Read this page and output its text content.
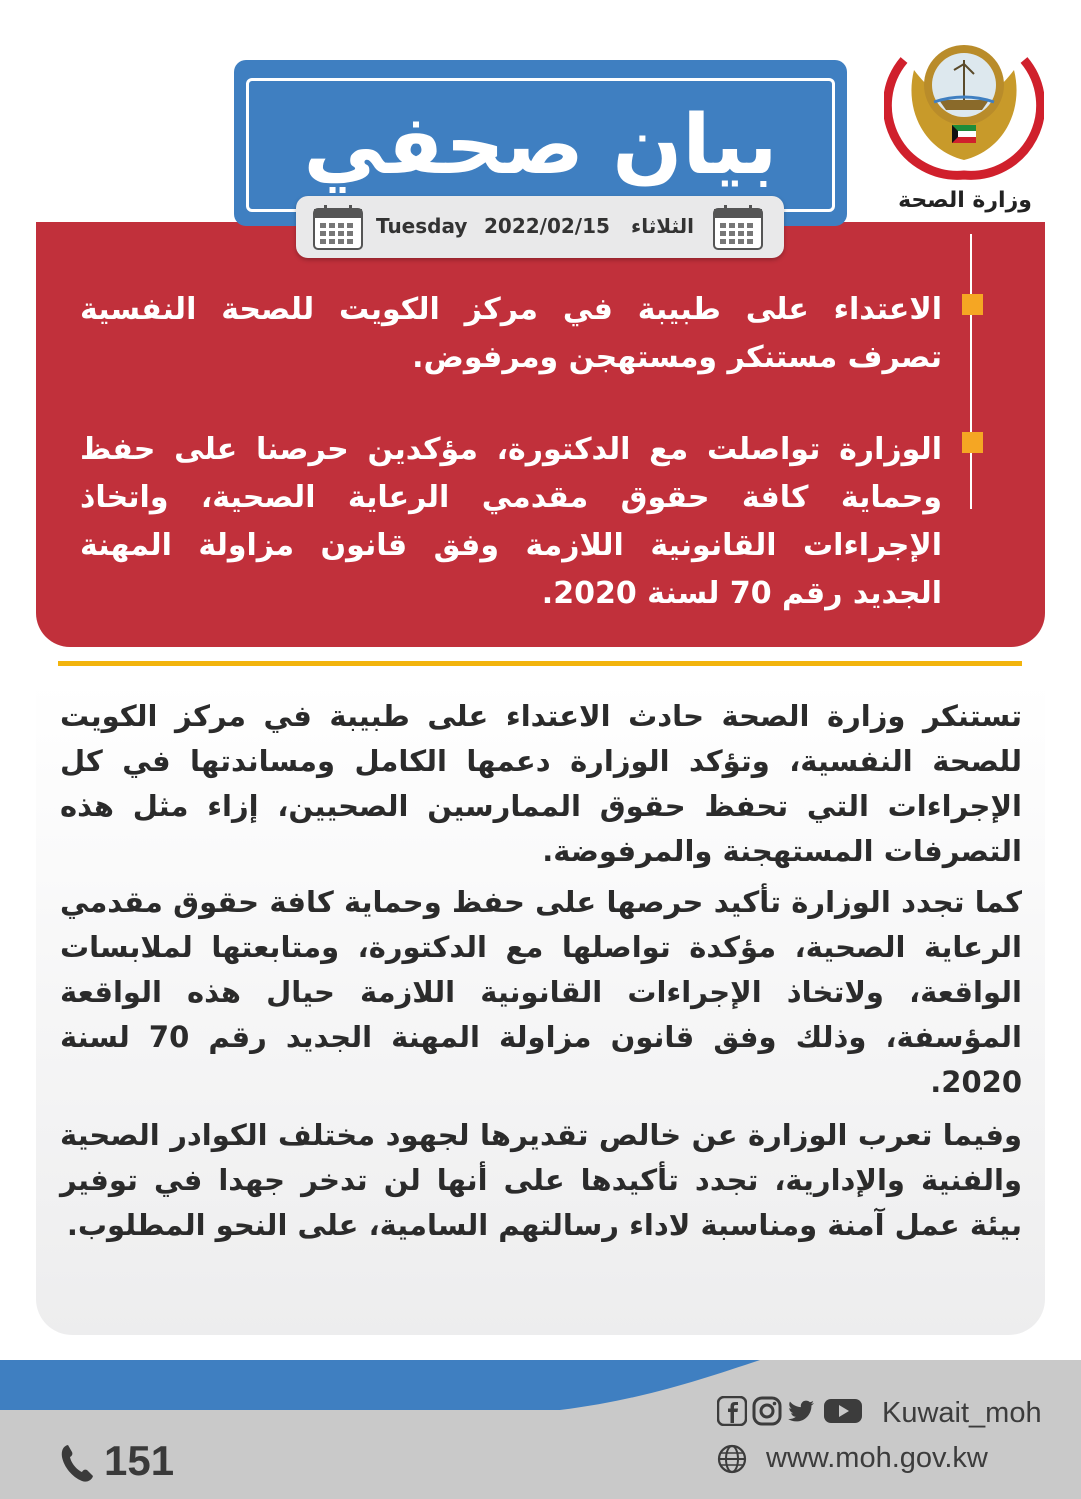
وزارة الصحة
بيان صحفي
Tuesday 2022/02/15 الثلاثاء
الاعتداء على طبيبة في مركز الكويت للصحة النفسية تصرف مستنكر ومستهجن ومرفوض.
الوزارة تواصلت مع الدكتورة، مؤكدين حرصنا على حفظ وحماية كافة حقوق مقدمي الرعاية الصحية، واتخاذ الإجراءات القانونية اللازمة وفق قانون مزاولة المهنة الجديد رقم 70 لسنة 2020.
تستنكر وزارة الصحة حادث الاعتداء على طبيبة في مركز الكويت للصحة النفسية، وتؤكد الوزارة دعمها الكامل ومساندتها في كل الإجراءات التي تحفظ حقوق الممارسين الصحيين، إزاء مثل هذه التصرفات المستهجنة والمرفوضة.
كما تجدد الوزارة تأكيد حرصها على حفظ وحماية كافة حقوق مقدمي الرعاية الصحية، مؤكدة تواصلها مع الدكتورة، ومتابعتها لملابسات الواقعة، ولاتخاذ الإجراءات القانونية اللازمة حيال هذه الواقعة المؤسفة، وذلك وفق قانون مزاولة المهنة الجديد رقم 70 لسنة 2020.
وفيما تعرب الوزارة عن خالص تقديرها لجهود مختلف الكوادر الصحية والفنية والإدارية، تجدد تأكيدها على أنها لن تدخر جهدا في توفير بيئة عمل آمنة ومناسبة لاداء رسالتهم السامية، على النحو المطلوب.
151
Kuwait_moh
www.moh.gov.kw
